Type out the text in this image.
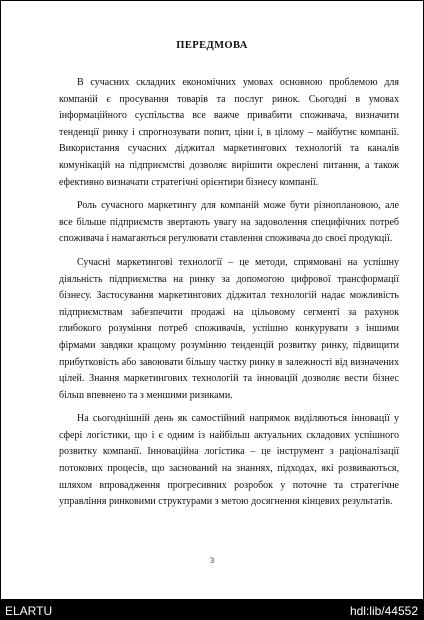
ПЕРЕДМОВА

В сучасних складних економічних умовах основною проблемою для компаній є просування товарів та послуг ринок. Сьогодні в умовах інформаційного суспільства все важче привабити споживача, визначити тенденції ринку і спрогнозувати попит, ціни і, в цілому – майбутнє компанії. Використання сучасних діджитал маркетингових технологій та каналів комунікацій на підприємстві дозволяє вирішити окреслені питання, а також ефективно визначати стратегічні орієнтири бізнесу компанії.

Роль сучасного маркетингу для компаній може бути різноплановою, але все більше підприємств звертають увагу на задоволення специфічних потреб споживача і намагаються регулювати ставлення споживача до своєї продукції.

Сучасні маркетингові технології – це методи, спрямовані на успішну діяльність підприємства на ринку за допомогою цифрової трансформації бізнесу. Застосування маркетингових діджитал технологій надає можливість підприємствам забезпечити продажі на цільовому сегменті за рахунок глибокого розуміння потреб споживачів, успішно конкурувати з іншими фірмами завдяки кращому розумінню тенденцій розвитку ринку, підвищити прибутковість або завоювати більшу частку ринку в залежності від визначених цілей. Знання маркетингових технологій та інновацій дозволяє вести бізнес більш впевнено та з меншими ризиками.

На сьогоднішній день як самостійний напрямок виділяються інновації у сфері логістики, що і є одним із найбільш актуальних складових успішного розвитку компанії. Інноваційна логістика – це інструмент з раціоналізації потокових процесів, що заснований на знаннях, підходах, які розвиваються, шляхом впровадження прогресивних розробок у поточне та стратегічне управління ринковими структурами з метою досягнення кінцевих результатів.

3
ELARTU	hdl:lib/44552
